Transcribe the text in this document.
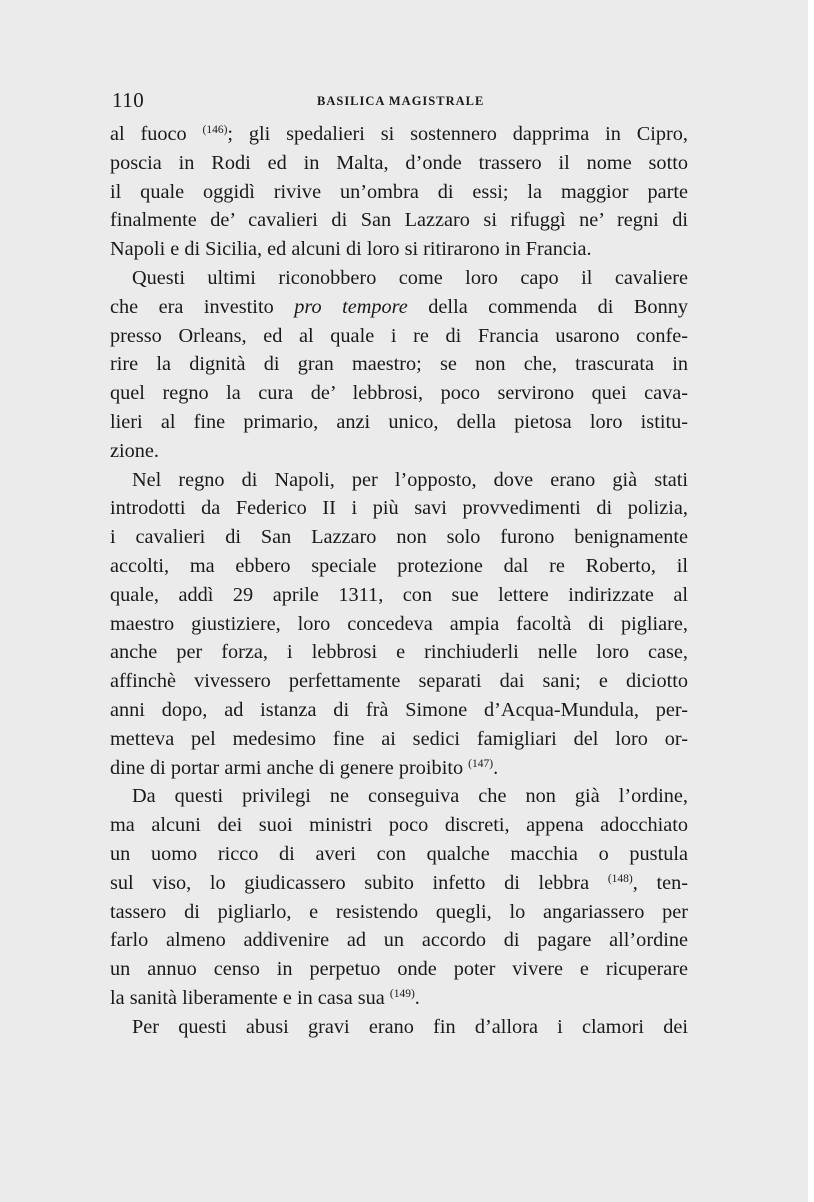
110	BASILICA MAGISTRALE
al fuoco $^{(146)}$; gli spedalieri si sostennero dapprima in Cipro,
poscia in Rodi ed in Malta, d’onde trassero il nome sotto
il quale oggidì rivive un’ombra di essi; la maggior parte
finalmente de’ cavalieri di San Lazzaro si rifuggì ne’ regni di
Napoli e di Sicilia, ed alcuni di loro si ritirarono in Francia.
Questi ultimi riconobbero come loro capo il cavaliere
che era investito pro tempore della commenda di Bonny
presso Orleans, ed al quale i re di Francia usarono confe-
rire la dignità di gran maestro; se non che, trascurata in
quel regno la cura de’ lebbrosi, poco servirono quei cava-
lieri al fine primario, anzi unico, della pietosa loro istitu-
zione.
Nel regno di Napoli, per l’opposto, dove erano già stati
introdotti da Federico II i più savi provvedimenti di polizia,
i cavalieri di San Lazzaro non solo furono benignamente
accolti, ma ebbero speciale protezione dal re Roberto, il
quale, addì 29 aprile 1311, con sue lettere indirizzate al
maestro giustiziere, loro concedeva ampia facoltà di pigliare,
anche per forza, i lebbrosi e rinchiuderli nelle loro case,
affinchè vivessero perfettamente separati dai sani; e diciotto
anni dopo, ad istanza di frà Simone d’Acqua-Mundula, per-
metteva pel medesimo fine ai sedici famigliari del loro or-
dine di portar armi anche di genere proibito $^{(147)}$.
Da questi privilegi ne conseguiva che non già l’ordine,
ma alcuni dei suoi ministri poco discreti, appena adocchiato
un uomo ricco di averi con qualche macchia o pustula
sul viso, lo giudicassero subito infetto di lebbra $^{(148)}$, ten-
tassero di pigliarlo, e resistendo quegli, lo angariassero per
farlo almeno addivenire ad un accordo di pagare all’ordine
un annuo censo in perpetuo onde poter vivere e ricuperare
la sanità liberamente e in casa sua $^{(149)}$.
Per questi abusi gravi erano fin d’allora i clamori dei
